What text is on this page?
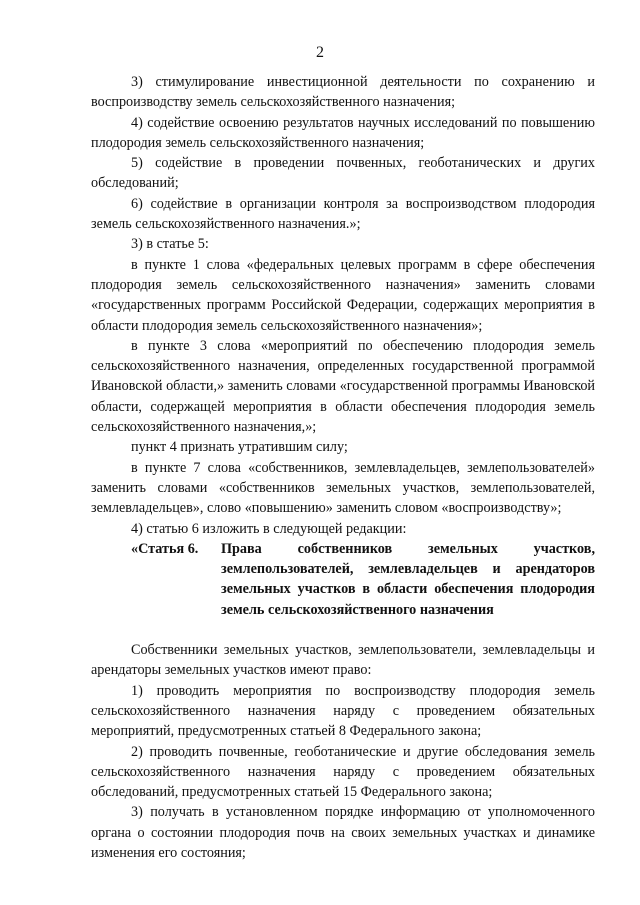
2

3) стимулирование инвестиционной деятельности по сохранению и воспроизводству земель сельскохозяйственного назначения;

4) содействие освоению результатов научных исследований по повышению плодородия земель сельскохозяйственного назначения;

5) содействие в проведении почвенных, геоботанических и других обследований;

6) содействие в организации контроля за воспроизводством плодородия земель сельскохозяйственного назначения.»;

3) в статье 5:

в пункте 1 слова «федеральных целевых программ в сфере обеспечения плодородия земель сельскохозяйственного назначения» заменить словами «государственных программ Российской Федерации, содержащих мероприятия в области плодородия земель сельскохозяйственного назначения»;

в пункте 3 слова «мероприятий по обеспечению плодородия земель сельскохозяйственного назначения, определенных государственной программой Ивановской области,» заменить словами «государственной программы Ивановской области, содержащей мероприятия в области обеспечения плодородия земель сельскохозяйственного назначения,»;

пункт 4 признать утратившим силу;

в пункте 7 слова «собственников, землевладельцев, землепользователей» заменить словами «собственников земельных участков, землепользователей, землевладельцев», слово «повышению» заменить словом «воспроизводству»;

4) статью 6 изложить в следующей редакции:

«Статья 6.	Права собственников земельных участков, землепользователей, землевладельцев и арендаторов земельных участков в области обеспечения плодородия земель сельскохозяйственного назначения

Собственники земельных участков, землепользователи, землевладельцы и арендаторы земельных участков имеют право:

1) проводить мероприятия по воспроизводству плодородия земель сельскохозяйственного назначения наряду с проведением обязательных мероприятий, предусмотренных статьей 8 Федерального закона;

2) проводить почвенные, геоботанические и другие обследования земель сельскохозяйственного назначения наряду с проведением обязательных обследований, предусмотренных статьей 15 Федерального закона;

3) получать в установленном порядке информацию от уполномоченного органа о состоянии плодородия почв на своих земельных участках и динамике изменения его состояния;
